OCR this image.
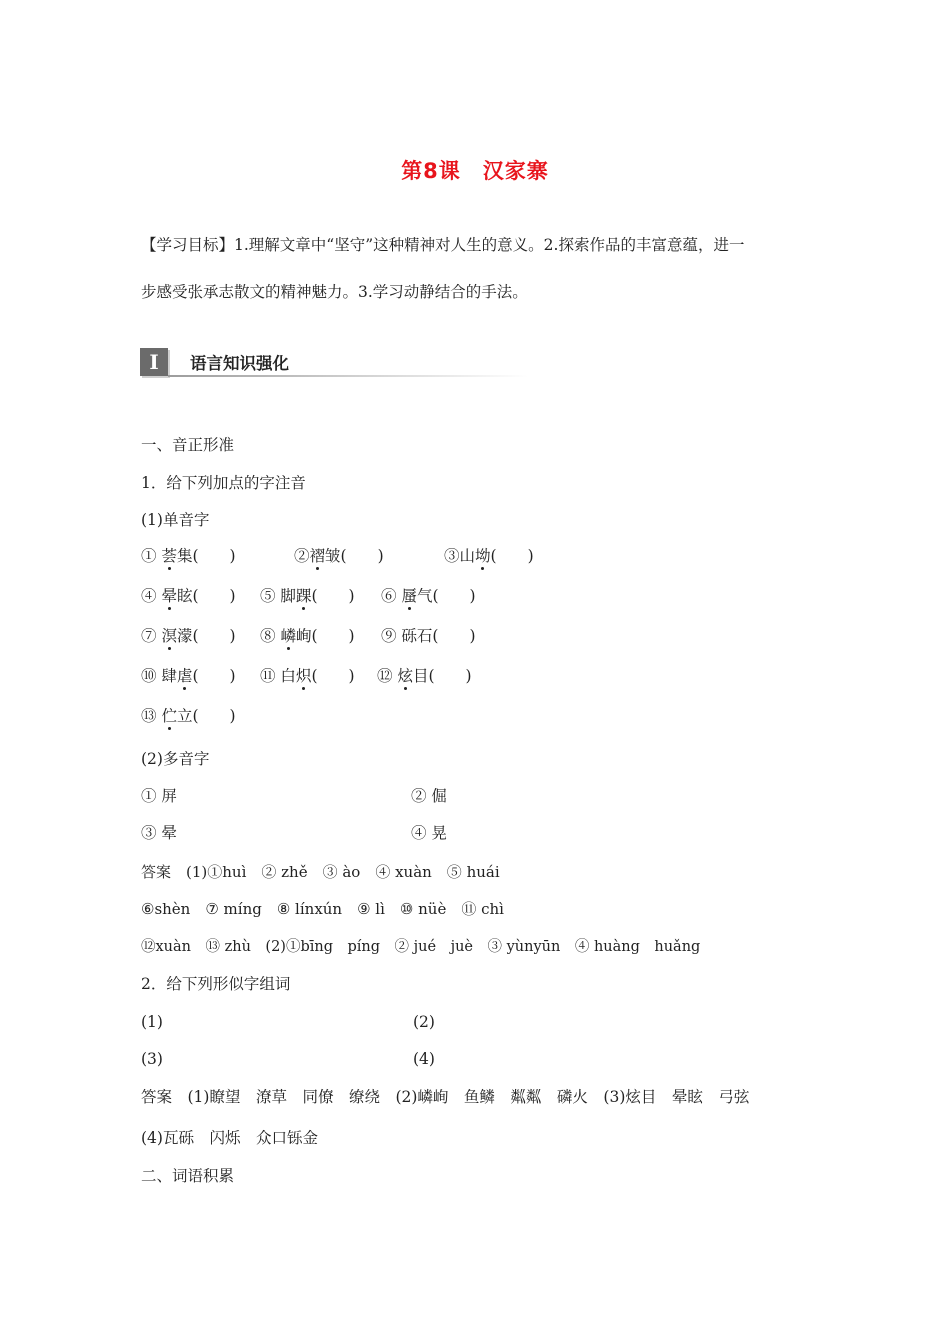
第8课　汉家寨
【学习目标】1.理解文章中“坚守”这种精神对人生的意义。2.探索作品的丰富意蕴，进一
步感受张承志散文的精神魅力。3.学习动静结合的手法。
I	语言知识强化
一、音正形准
1．给下列加点的字注音
(1)单音字
① 荟集(　　)	②褶皱(　　)	③山坳(　　)
④ 晕眩(　　) ⑤ 脚踝(　　) ⑥ 蜃气(　　)
⑦ 溟濛(　　) ⑧ 嶙峋(　　) ⑨ 砾石(　　)
⑩ 肆虐(　　) ⑪ 白炽(　　) ⑫ 炫目(　　)
⑬ 伫立(　　)
(2)多音字
① 屏	② 倔
③ 晕	④ 晃
答案　(1)①huì　② zhě　③ ào　④ xuàn　⑤ huái
⑥shèn　⑦ míng　⑧ línxún　⑨ lì　⑩ nüè　⑪ chì
⑫xuàn　⑬ zhù　(2)①bīng　píng　② jué　juè　③ yùnyūn　④ huàng　huǎng
2．给下列形似字组词
(1)	(2)
(3)	(4)
答案　(1)瞭望　潦草　同僚　缭绕　(2)嶙峋　鱼鳞　粼粼　磷火　(3)炫目　晕眩　弓弦
(4)瓦砾　闪烁　众口铄金
二、词语积累
